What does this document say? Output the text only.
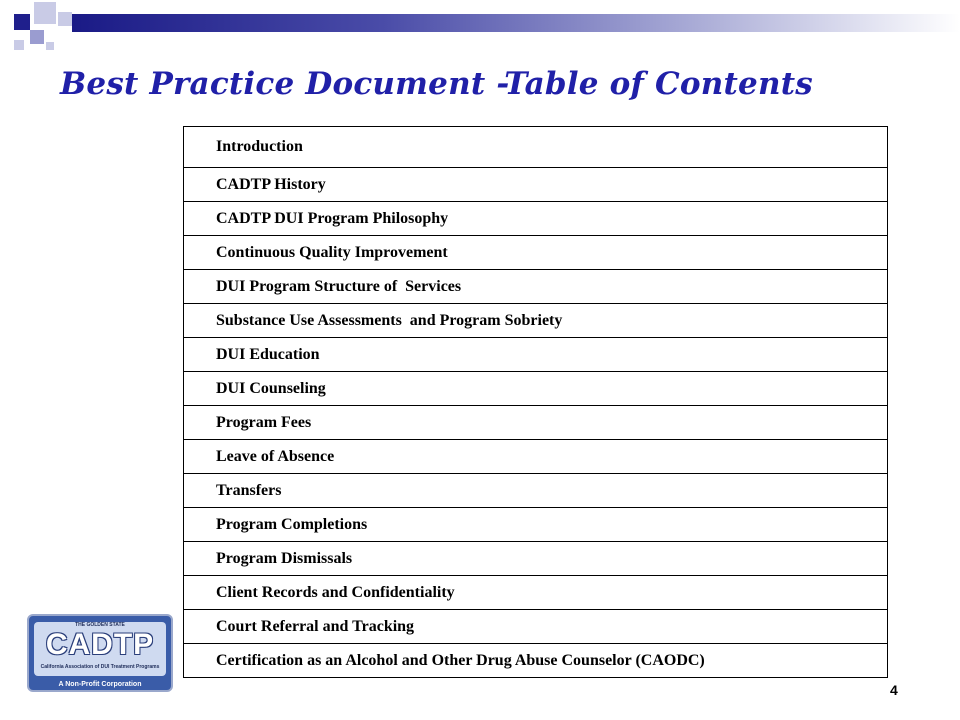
Best Practice Document -Table of Contents
Introduction
CADTP History
CADTP DUI Program Philosophy
Continuous Quality Improvement
DUI Program Structure of  Services
Substance Use Assessments  and Program Sobriety
DUI Education
DUI Counseling
Program Fees
Leave of Absence
Transfers
Program Completions
Program Dismissals
Client Records and Confidentiality
Court Referral and Tracking
Certification as an Alcohol and Other Drug Abuse Counselor (CAODC)
THE GOLDEN STATE
CADTP
California Association of DUI Treatment Programs
A Non-Profit Corporation	4
